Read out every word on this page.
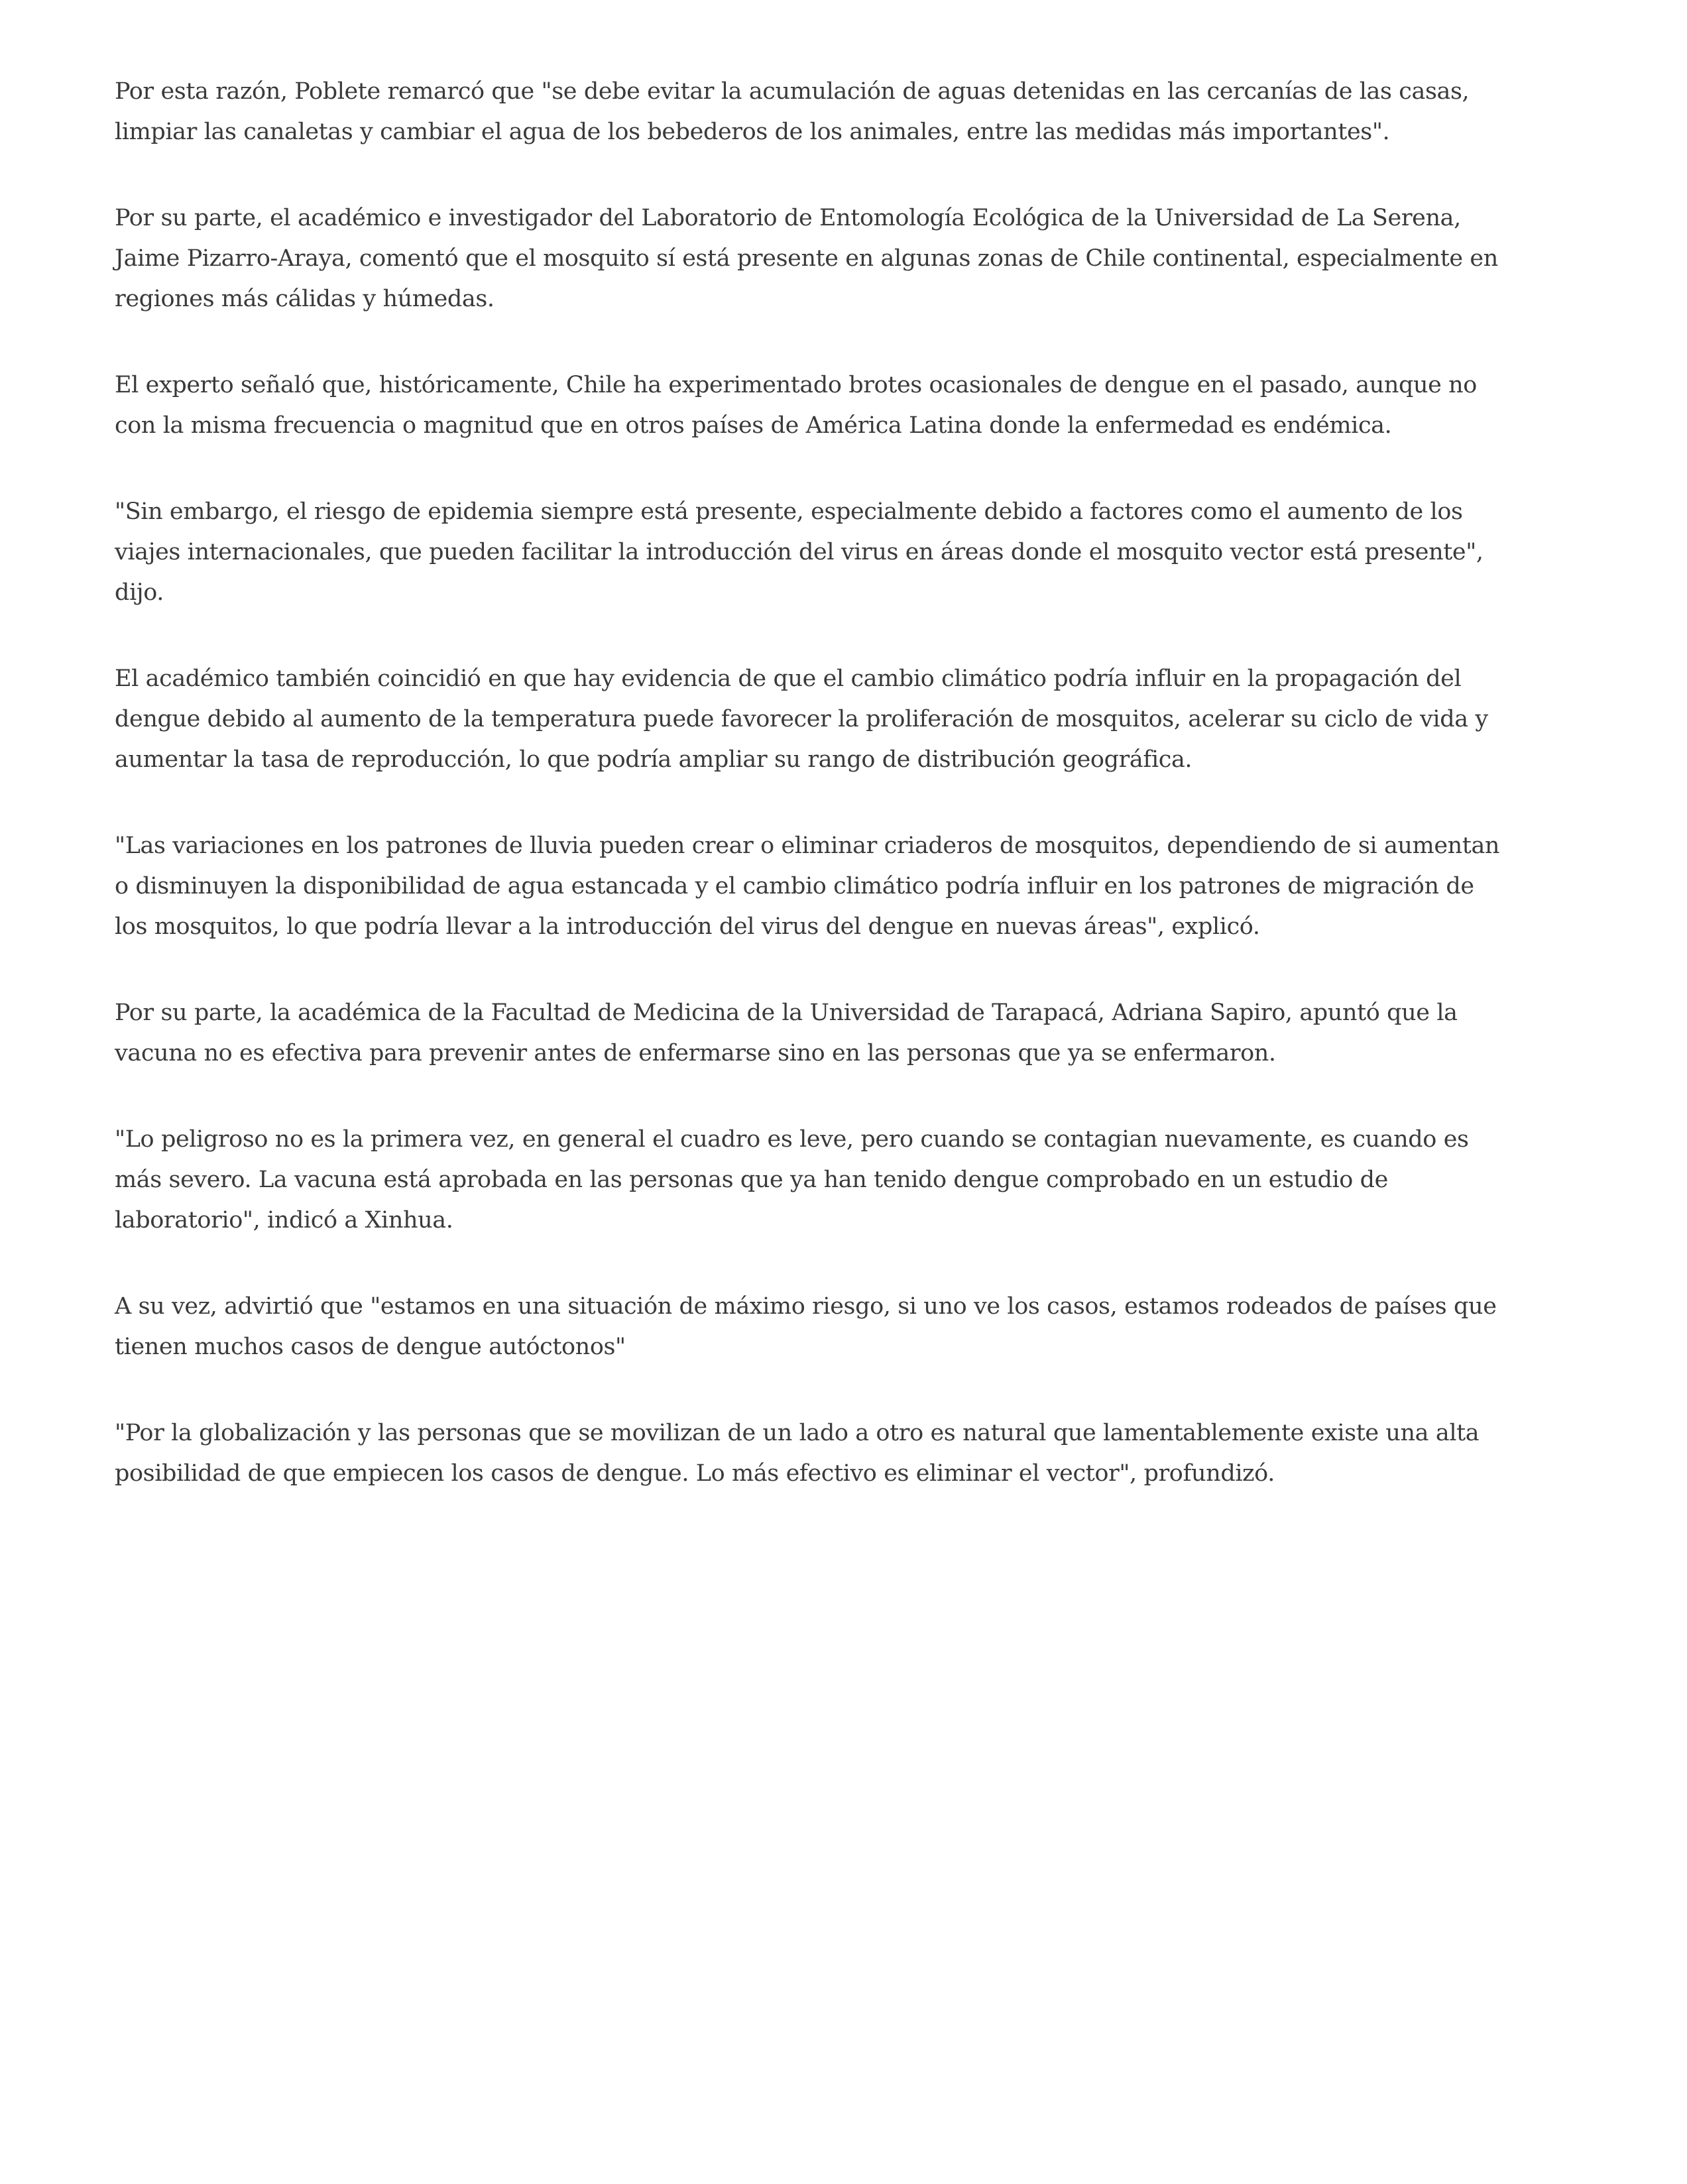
Por esta razón, Poblete remarcó que "se debe evitar la acumulación de aguas detenidas en las cercanías de las casas, limpiar las canaletas y cambiar el agua de los bebederos de los animales, entre las medidas más importantes".

Por su parte, el académico e investigador del Laboratorio de Entomología Ecológica de la Universidad de La Serena, Jaime Pizarro-Araya, comentó que el mosquito sí está presente en algunas zonas de Chile continental, especialmente en regiones más cálidas y húmedas.

El experto señaló que, históricamente, Chile ha experimentado brotes ocasionales de dengue en el pasado, aunque no con la misma frecuencia o magnitud que en otros países de América Latina donde la enfermedad es endémica.

"Sin embargo, el riesgo de epidemia siempre está presente, especialmente debido a factores como el aumento de los viajes internacionales, que pueden facilitar la introducción del virus en áreas donde el mosquito vector está presente", dijo.

El académico también coincidió en que hay evidencia de que el cambio climático podría influir en la propagación del dengue debido al aumento de la temperatura puede favorecer la proliferación de mosquitos, acelerar su ciclo de vida y aumentar la tasa de reproducción, lo que podría ampliar su rango de distribución geográfica.

"Las variaciones en los patrones de lluvia pueden crear o eliminar criaderos de mosquitos, dependiendo de si aumentan o disminuyen la disponibilidad de agua estancada y el cambio climático podría influir en los patrones de migración de los mosquitos, lo que podría llevar a la introducción del virus del dengue en nuevas áreas", explicó.

Por su parte, la académica de la Facultad de Medicina de la Universidad de Tarapacá, Adriana Sapiro, apuntó que la vacuna no es efectiva para prevenir antes de enfermarse sino en las personas que ya se enfermaron.

"Lo peligroso no es la primera vez, en general el cuadro es leve, pero cuando se contagian nuevamente, es cuando es más severo. La vacuna está aprobada en las personas que ya han tenido dengue comprobado en un estudio de laboratorio", indicó a Xinhua.

A su vez, advirtió que "estamos en una situación de máximo riesgo, si uno ve los casos, estamos rodeados de países que tienen muchos casos de dengue autóctonos"

"Por la globalización y las personas que se movilizan de un lado a otro es natural que lamentablemente existe una alta posibilidad de que empiecen los casos de dengue. Lo más efectivo es eliminar el vector", profundizó.
